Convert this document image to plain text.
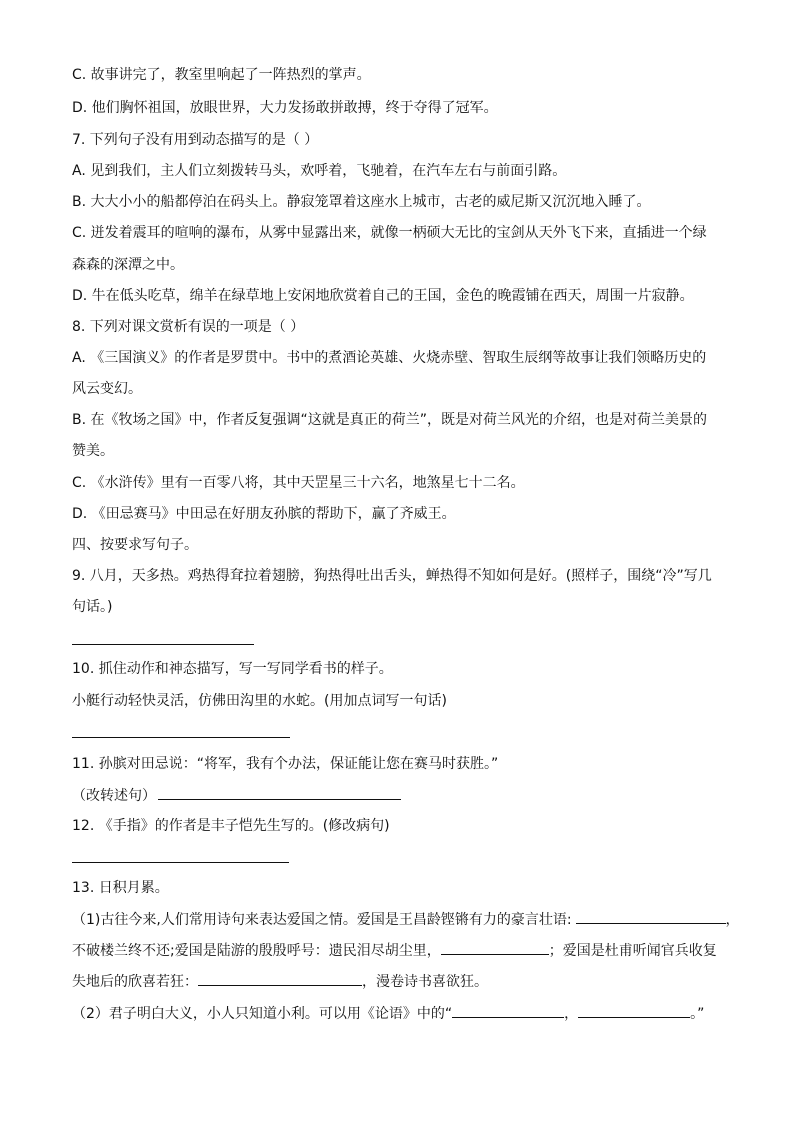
C. 故事讲完了，教室里响起了一阵热烈的掌声。
D. 他们胸怀祖国，放眼世界，大力发扬敢拼敢搏，终于夺得了冠军。
7. 下列句子没有用到动态描写的是（ ）
A. 见到我们，主人们立刻拨转马头，欢呼着，飞驰着，在汽车左右与前面引路。
B. 大大小小的船都停泊在码头上。静寂笼罩着这座水上城市，古老的威尼斯又沉沉地入睡了。
C. 迸发着震耳的喧响的瀑布，从雾中显露出来，就像一柄硕大无比的宝剑从天外飞下来，直插进一个绿
森森的深潭之中。
D. 牛在低头吃草，绵羊在绿草地上安闲地欣赏着自己的王国，金色的晚霞铺在西天，周围一片寂静。
8. 下列对课文赏析有误的一项是（ ）
A. 《三国演义》的作者是罗贯中。书中的煮酒论英雄、火烧赤壁、智取生辰纲等故事让我们领略历史的
风云变幻。
B. 在《牧场之国》中，作者反复强调“这就是真正的荷兰”，既是对荷兰风光的介绍，也是对荷兰美景的
赞美。
C. 《水浒传》里有一百零八将，其中天罡星三十六名，地煞星七十二名。
D. 《田忌赛马》中田忌在好朋友孙膑的帮助下，赢了齐威王。
四、按要求写句子。
9. 八月，天多热。鸡热得耷拉着翅膀，狗热得吐出舌头，蝉热得不知如何是好。(照样子，围绕“冷”写几
句话。)
10. 抓住动作和神态描写，写一写同学看书的样子。
小艇行动轻快灵活，仿佛田沟里的水蛇。(用加点词写一句话)
11. 孙膑对田忌说：“将军，我有个办法，保证能让您在赛马时获胜。”
（改转述句）
12. 《手指》的作者是丰子恺先生写的。(修改病句)
13. 日积月累。
（1)古往今来,人们常用诗句来表达爱国之情。爱国是王昌龄铿锵有力的豪言壮语:	，
不破楼兰终不还;爱国是陆游的殷殷呼号：遗民泪尽胡尘里，	；爱国是杜甫听闻官兵收复
失地后的欣喜若狂：	，漫卷诗书喜欲狂。
（2）君子明白大义，小人只知道小利。可以用《论语》中的“	，	。”
